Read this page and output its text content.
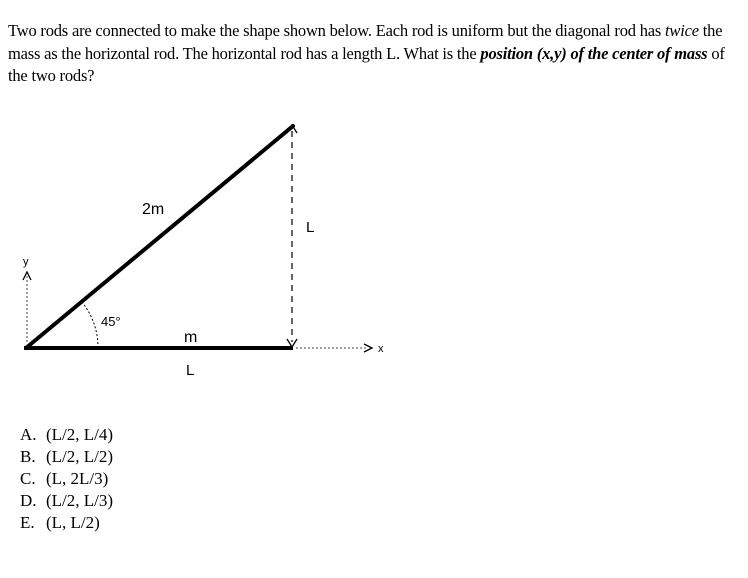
Two rods are connected to make the shape shown below. Each rod is uniform but the diagonal rod has twice the mass as the horizontal rod. The horizontal rod has a length L. What is the position (x,y) of the center of mass of the two rods?
45°
2m
m
L
L
y
x
A. (L/2, L/4)
B. (L/2, L/2)
C. (L, 2L/3)
D. (L/2, L/3)
E. (L, L/2)
